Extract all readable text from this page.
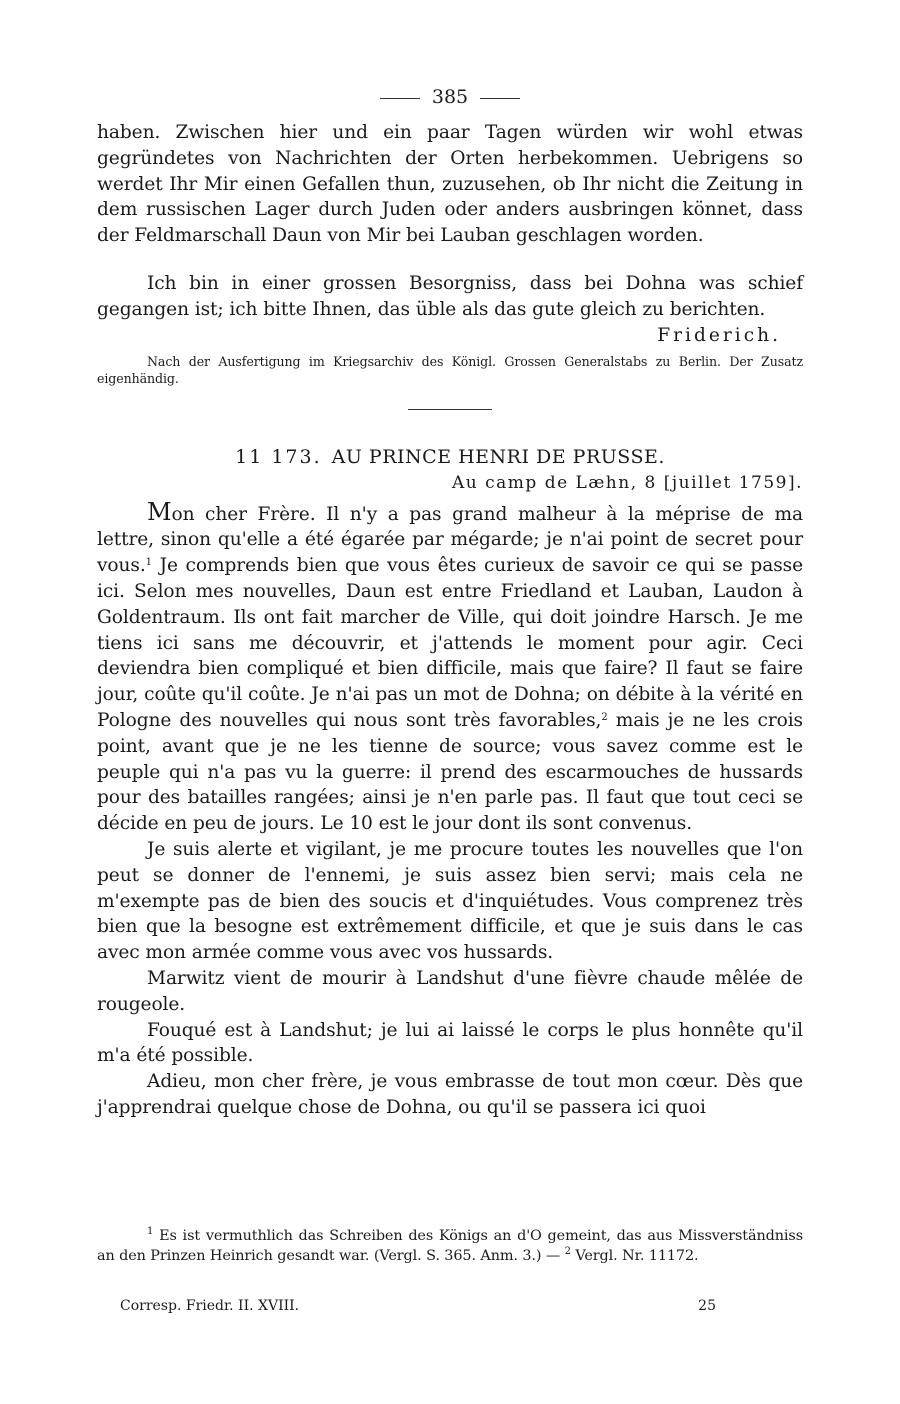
385

haben. Zwischen hier und ein paar Tagen würden wir wohl etwas gegründetes von Nachrichten der Orten herbekommen. Uebrigens so werdet Ihr Mir einen Gefallen thun, zuzusehen, ob Ihr nicht die Zeitung in dem russischen Lager durch Juden oder anders ausbringen könnet, dass der Feldmarschall Daun von Mir bei Lauban geschlagen worden.

Ich bin in einer grossen Besorgniss, dass bei Dohna was schief gegangen ist; ich bitte Ihnen, das üble als das gute gleich zu berichten.

Friderich.

Nach der Ausfertigung im Kriegsarchiv des Königl. Grossen Generalstabs zu Berlin. Der Zusatz eigenhändig.

11 173. AU PRINCE HENRI DE PRUSSE.
Au camp de Læhn, 8 [juillet 1759].

Mon cher Frère. Il n'y a pas grand malheur à la méprise de ma lettre, sinon qu'elle a été égarée par mégarde; je n'ai point de secret pour vous.$^1$ Je comprends bien que vous êtes curieux de savoir ce qui se passe ici. Selon mes nouvelles, Daun est entre Friedland et Lauban, Laudon à Goldentraum. Ils ont fait marcher de Ville, qui doit joindre Harsch. Je me tiens ici sans me découvrir, et j'attends le moment pour agir. Ceci deviendra bien compliqué et bien difficile, mais que faire? Il faut se faire jour, coûte qu'il coûte. Je n'ai pas un mot de Dohna; on débite à la vérité en Pologne des nouvelles qui nous sont très favorables,$^2$ mais je ne les crois point, avant que je ne les tienne de source; vous savez comme est le peuple qui n'a pas vu la guerre: il prend des escarmouches de hussards pour des batailles rangées; ainsi je n'en parle pas. Il faut que tout ceci se décide en peu de jours. Le 10 est le jour dont ils sont convenus.

Je suis alerte et vigilant, je me procure toutes les nouvelles que l'on peut se donner de l'ennemi, je suis assez bien servi; mais cela ne m'exempte pas de bien des soucis et d'inquiétudes. Vous comprenez très bien que la besogne est extrêmement difficile, et que je suis dans le cas avec mon armée comme vous avec vos hussards.

Marwitz vient de mourir à Landshut d'une fièvre chaude mêlée de rougeole.

Fouqué est à Landshut; je lui ai laissé le corps le plus honnête qu'il m'a été possible.

Adieu, mon cher frère, je vous embrasse de tout mon cœur. Dès que j'apprendrai quelque chose de Dohna, ou qu'il se passera ici quoi

$^1$ Es ist vermuthlich das Schreiben des Königs an d'O gemeint, das aus Missverständniss an den Prinzen Heinrich gesandt war. (Vergl. S. 365. Anm. 3.) — $^2$ Vergl. Nr. 11172.

Corresp. Friedr. II. XVIII.	25
